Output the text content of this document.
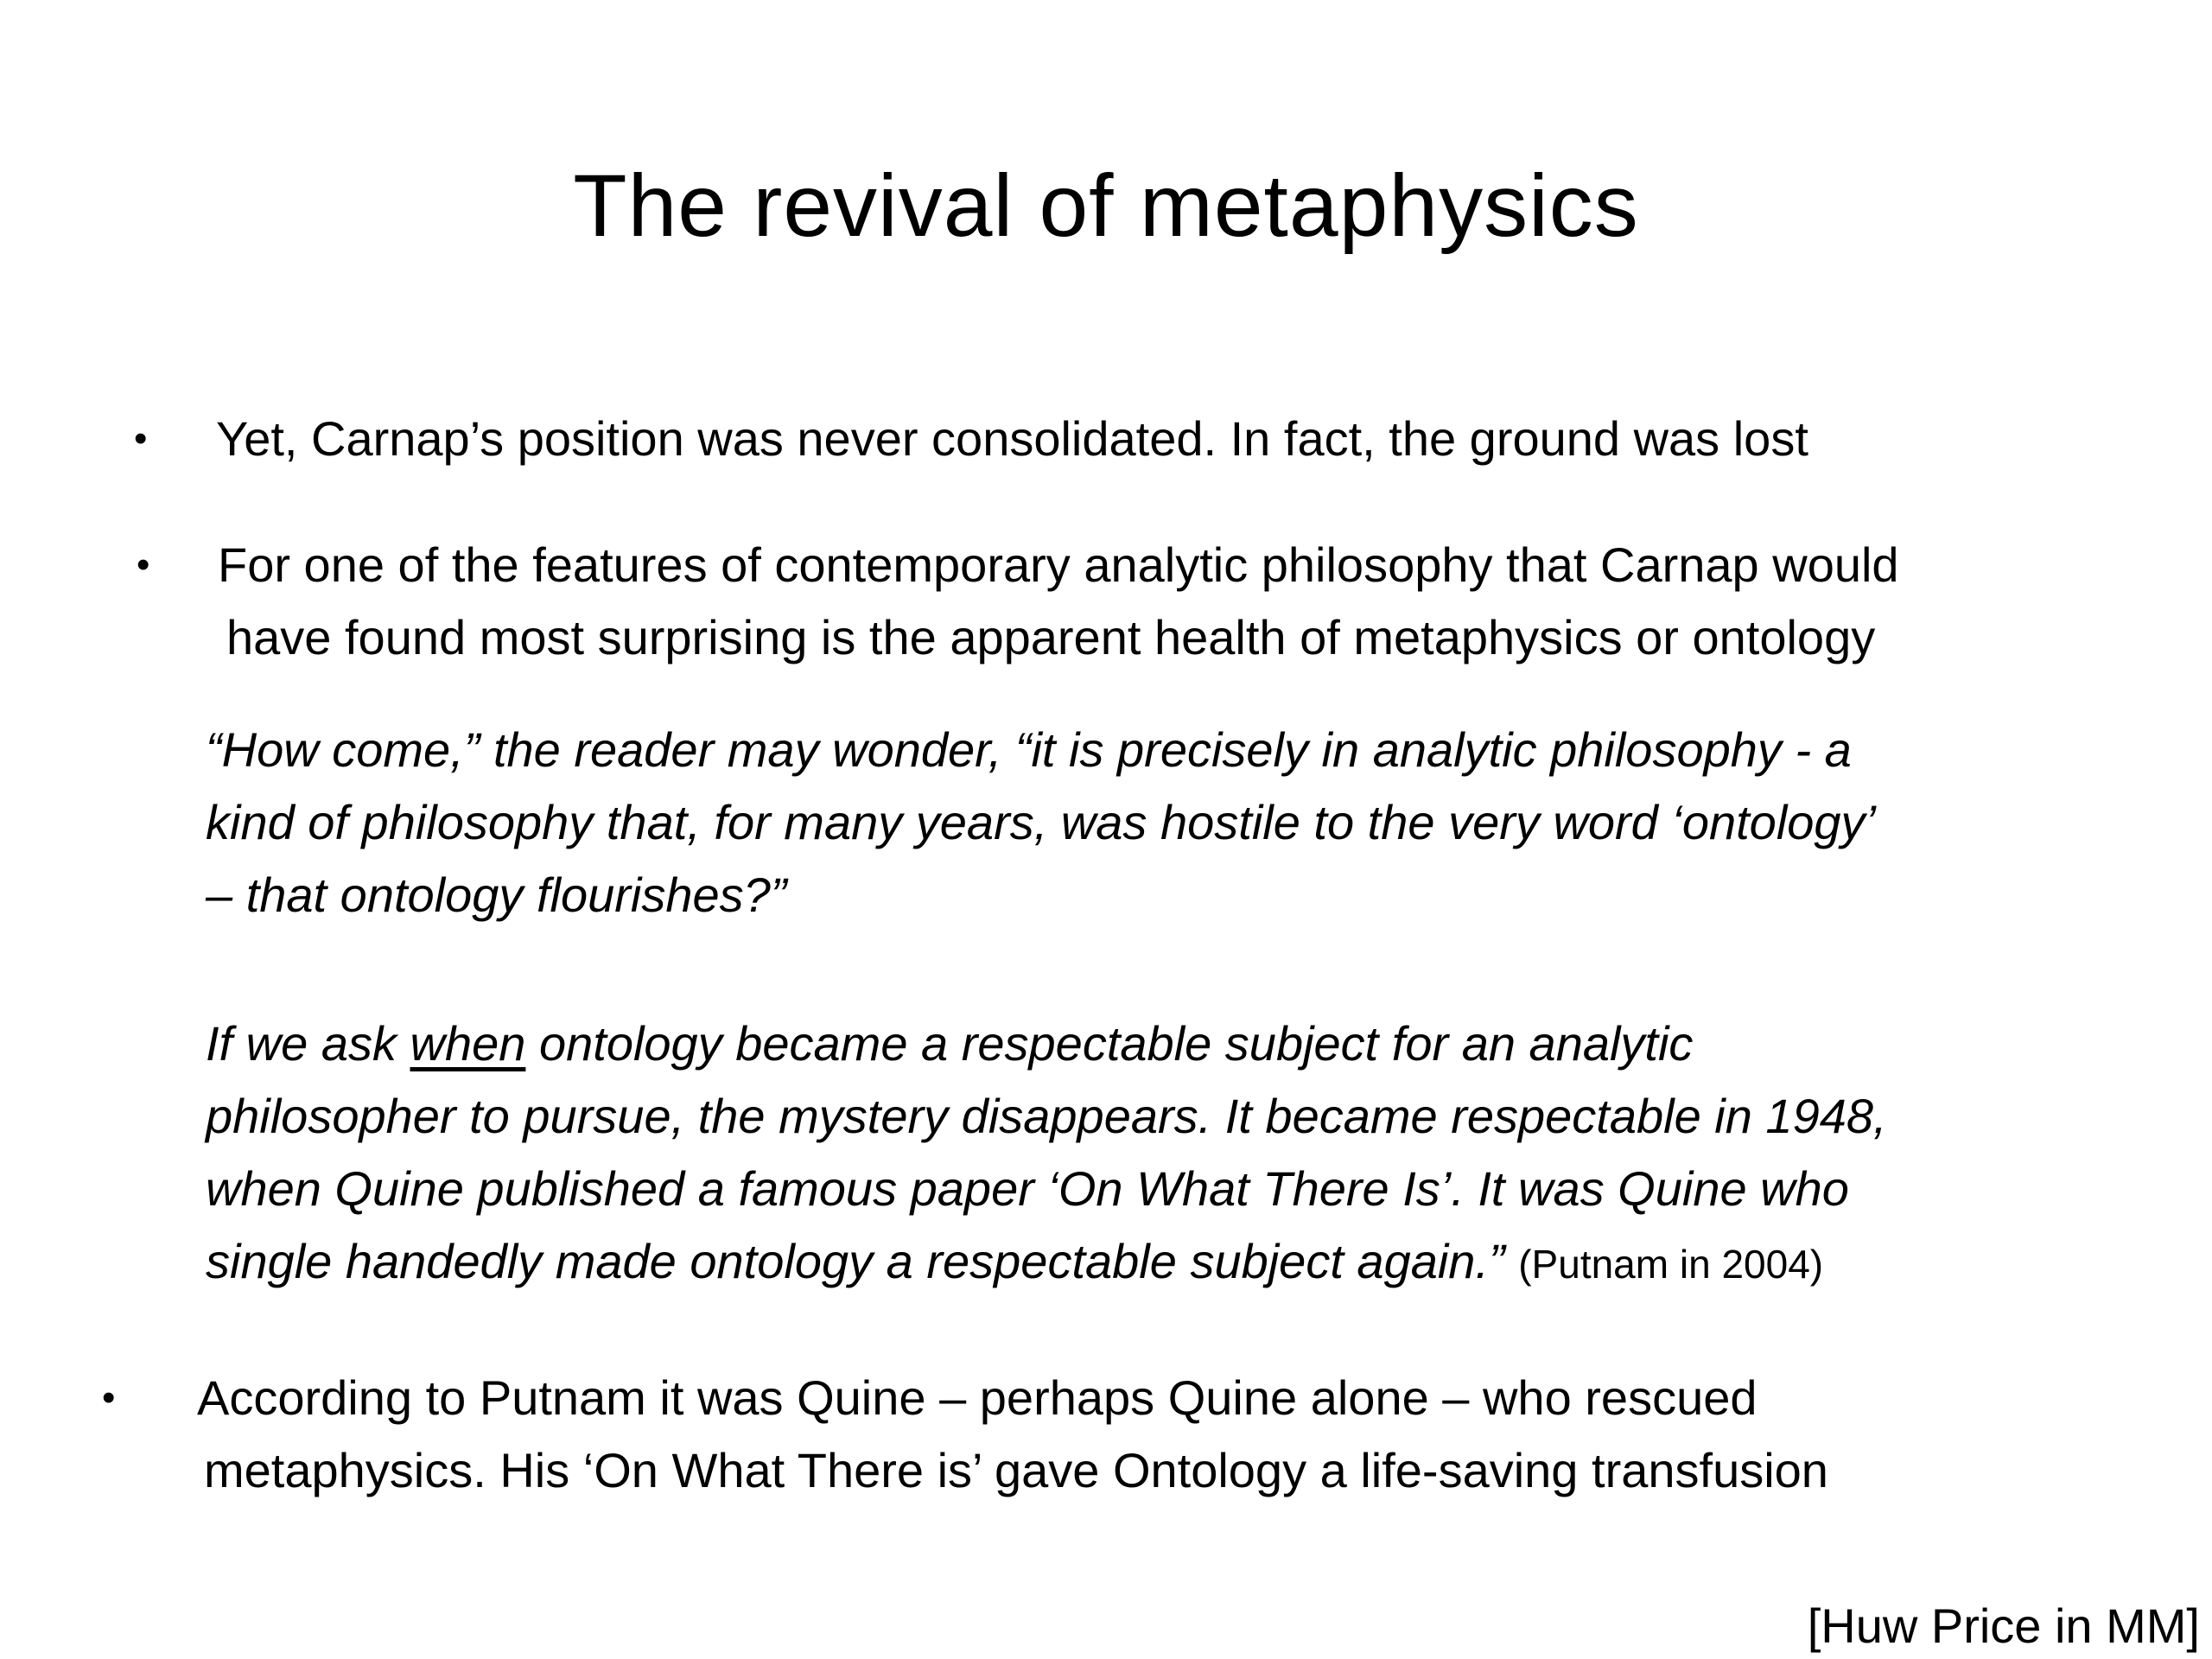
The revival of metaphysics
• Yet, Carnap’s position was never consolidated. In fact, the ground was lost
• For one of the features of contemporary analytic philosophy that Carnap would
have found most surprising is the apparent health of metaphysics or ontology
“How come,” the reader may wonder, “it is precisely in analytic philosophy - a
kind of philosophy that, for many years, was hostile to the very word ‘ontology’
– that ontology flourishes?”
If we ask when ontology became a respectable subject for an analytic
philosopher to pursue, the mystery disappears. It became respectable in 1948,
when Quine published a famous paper ‘On What There Is’. It was Quine who
single handedly made ontology a respectable subject again.” (Putnam in 2004)
• According to Putnam it was Quine – perhaps Quine alone – who rescued
metaphysics. His ‘On What There is’ gave Ontology a life-saving transfusion
[Huw Price in MM]
